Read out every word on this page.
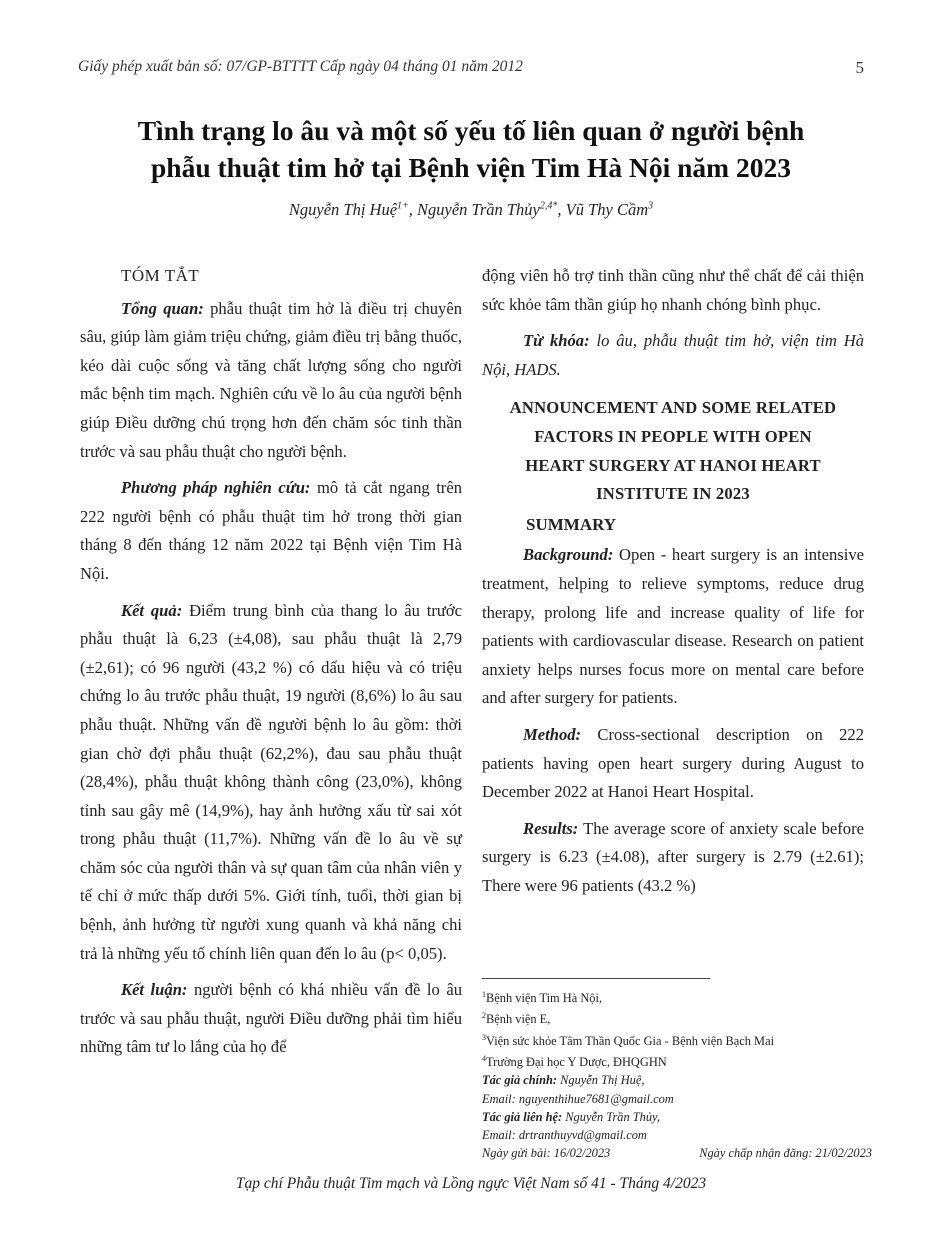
Giấy phép xuất bản số: 07/GP-BTTTT Cấp ngày 04 tháng 01 năm 2012	5
Tình trạng lo âu và một số yếu tố liên quan ở người bệnh
phẫu thuật tim hở tại Bệnh viện Tim Hà Nội năm 2023
Nguyễn Thị Huệ$^{1+}$, Nguyễn Trần Thủy$^{2,4*}$, Vũ Thy Cầm$^3$
TÓM TẮT

Tổng quan: phẫu thuật tim hở là điều trị chuyên sâu, giúp làm giảm triệu chứng, giảm điều trị bằng thuốc, kéo dài cuộc sống và tăng chất lượng sống cho người mắc bệnh tim mạch. Nghiên cứu về lo âu của người bệnh giúp Điều dưỡng chú trọng hơn đến chăm sóc tinh thần trước và sau phẫu thuật cho người bệnh.

Phương pháp nghiên cứu: mô tả cắt ngang trên 222 người bệnh có phẫu thuật tim hở trong thời gian tháng 8 đến tháng 12 năm 2022 tại Bệnh viện Tim Hà Nội.

Kết quả: Điểm trung bình của thang lo âu trước phẫu thuật là 6,23 (±4,08), sau phẫu thuật là 2,79 (±2,61); có 96 người (43,2 %) có dấu hiệu và có triệu chứng lo âu trước phẫu thuật, 19 người (8,6%) lo âu sau phẫu thuật. Những vấn đề người bệnh lo âu gồm: thời gian chờ đợi phẫu thuật (62,2%), đau sau phẫu thuật (28,4%), phẫu thuật không thành công (23,0%), không tỉnh sau gây mê (14,9%), hay ảnh hưởng xấu từ sai xót trong phẫu thuật (11,7%). Những vấn đề lo âu về sự chăm sóc của người thân và sự quan tâm của nhân viên y tế chỉ ở mức thấp dưới 5%. Giới tính, tuổi, thời gian bị bệnh, ảnh hưởng từ người xung quanh và khả năng chi trả là những yếu tố chính liên quan đến lo âu (p< 0,05).

Kết luận: người bệnh có khá nhiều vấn đề lo âu trước và sau phẫu thuật, người Điều dưỡng phải tìm hiểu những tâm tư lo lắng của họ để

động viên hỗ trợ tinh thần cũng như thể chất để cải thiện sức khỏe tâm thần giúp họ nhanh chóng bình phục.

Từ khóa: lo âu, phẫu thuật tim hở, viện tim Hà Nội, HADS.

ANNOUNCEMENT AND SOME RELATED
FACTORS IN PEOPLE WITH OPEN
HEART SURGERY AT HANOI HEART
INSTITUTE IN 2023
SUMMARY

Background: Open - heart surgery is an intensive treatment, helping to relieve symptoms, reduce drug therapy, prolong life and increase quality of life for patients with cardiovascular disease. Research on patient anxiety helps nurses focus more on mental care before and after surgery for patients.

Method: Cross-sectional description on 222 patients having open heart surgery during August to December 2022 at Hanoi Heart Hospital.

Results: The average score of anxiety scale before surgery is 6.23 (±4.08), after surgery is 2.79 (±2.61); There were 96 patients (43.2 %)

$^1$Bệnh viện Tim Hà Nội,
$^2$Bệnh viện E,
$^3$Viện sức khỏe Tâm Thần Quốc Gia - Bệnh viện Bạch Mai
$^4$Trường Đại học Y Dược, ĐHQGHN
Tác giả chính: Nguyễn Thị Huệ,
Email: nguyenthihue7681@gmail.com
Tác giả liên hệ: Nguyễn Trần Thủy,
Email: drtranthuyvd@gmail.com
Ngày gửi bài: 16/02/2023	Ngày chấp nhận đăng: 21/02/2023
Tạp chí Phẫu thuật Tim mạch và Lồng ngực Việt Nam số 41 - Tháng 4/2023
